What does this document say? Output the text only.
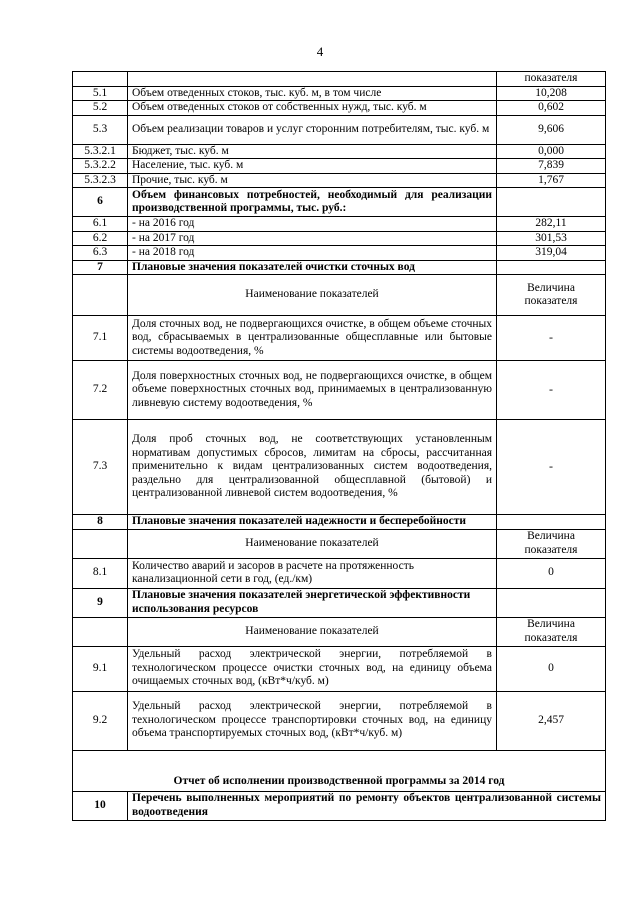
4
		показателя
5.1	Объем отведенных стоков, тыс. куб. м, в том числе	10,208
5.2	Объем отведенных стоков от собственных нужд, тыс. куб. м	0,602
5.3	Объем реализации товаров и услуг сторонним потребителям, тыс. куб. м	9,606
5.3.2.1	Бюджет, тыс. куб. м	0,000
5.3.2.2	Население, тыс. куб. м	7,839
5.3.2.3	Прочие, тыс. куб. м	1,767
6	Объем финансовых потребностей, необходимый для реализации производственной программы, тыс. руб.:	
6.1	- на 2016 год	282,11
6.2	- на 2017 год	301,53
6.3	- на 2018 год	319,04
7	Плановые значения показателей очистки сточных вод	
	Наименование показателей	Величина показателя
7.1	Доля сточных вод, не подвергающихся очистке, в общем объеме сточных вод, сбрасываемых в централизованные общесплавные или бытовые системы водоотведения, %	-
7.2	Доля поверхностных сточных вод, не подвергающихся очистке, в общем объеме поверхностных сточных вод, принимаемых в централизованную ливневую систему водоотведения, %	-
7.3	Доля проб сточных вод, не соответствующих установленным нормативам допустимых сбросов, лимитам на сбросы, рассчитанная применительно к видам централизованных систем водоотведения, раздельно для централизованной общесплавной (бытовой) и централизованной ливневой систем водоотведения, %	-
8	Плановые значения показателей надежности и бесперебойности	
	Наименование показателей	Величина показателя
8.1	Количество аварий и засоров в расчете на протяженность канализационной сети в год, (ед./км)	0
9	Плановые значения показателей энергетической эффективности использования ресурсов	
	Наименование показателей	Величина показателя
9.1	Удельный расход электрической энергии, потребляемой в технологическом процессе очистки сточных вод, на единицу объема очищаемых сточных вод, (кВт*ч/куб. м)	0
9.2	Удельный расход электрической энергии, потребляемой в технологическом процессе транспортировки сточных вод, на единицу объема транспортируемых сточных вод, (кВт*ч/куб. м)	2,457
Отчет об исполнении производственной программы за 2014 год		
10	Перечень выполненных мероприятий по ремонту объектов централизованной системы водоотведения	
